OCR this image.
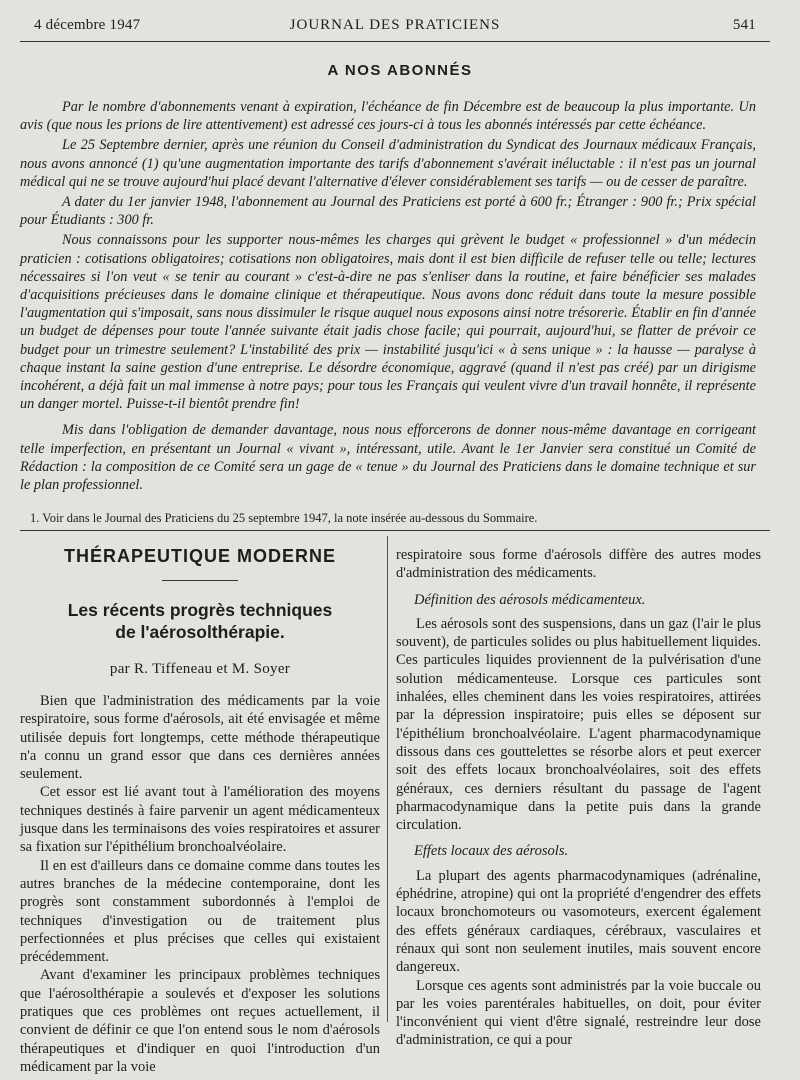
4 décembre 1947	JOURNAL DES PRATICIENS	541
A NOS ABONNÉS

Par le nombre d'abonnements venant à expiration, l'échéance de fin Décembre est de beaucoup la plus importante. Un avis (que nous les prions de lire attentivement) est adressé ces jours-ci à tous les abonnés intéressés par cette échéance.

Le 25 Septembre dernier, après une réunion du Conseil d'administration du Syndicat des Journaux médicaux Français, nous avons annoncé (1) qu'une augmentation importante des tarifs d'abonnement s'avérait inéluctable : il n'est pas un journal médical qui ne se trouve aujourd'hui placé devant l'alternative d'élever considérablement ses tarifs — ou de cesser de paraître.

A dater du 1er janvier 1948, l'abonnement au Journal des Praticiens est porté à 600 fr.; Étranger : 900 fr.; Prix spécial pour Étudiants : 300 fr.

Nous connaissons pour les supporter nous-mêmes les charges qui grèvent le budget « professionnel » d'un médecin praticien : cotisations obligatoires; cotisations non obligatoires, mais dont il est bien difficile de refuser telle ou telle; lectures nécessaires si l'on veut « se tenir au courant » c'est-à-dire ne pas s'enliser dans la routine, et faire bénéficier ses malades d'acquisitions précieuses dans le domaine clinique et thérapeutique. Nous avons donc réduit dans toute la mesure possible l'augmentation qui s'imposait, sans nous dissimuler le risque auquel nous exposons ainsi notre trésorerie. Établir en fin d'année un budget de dépenses pour toute l'année suivante était jadis chose facile; qui pourrait, aujourd'hui, se flatter de prévoir ce budget pour un trimestre seulement? L'instabilité des prix — instabilité jusqu'ici « à sens unique » : la hausse — paralyse à chaque instant la saine gestion d'une entreprise. Le désordre économique, aggravé (quand il n'est pas créé) par un dirigisme incohérent, a déjà fait un mal immense à notre pays; pour tous les Français qui veulent vivre d'un travail honnête, il représente un danger mortel. Puisse-t-il bientôt prendre fin!

Mis dans l'obligation de demander davantage, nous nous efforcerons de donner nous-même davantage en corrigeant telle imperfection, en présentant un Journal « vivant », intéressant, utile. Avant le 1er Janvier sera constitué un Comité de Rédaction : la composition de ce Comité sera un gage de « tenue » du Journal des Praticiens dans le domaine technique et sur le plan professionnel.

1. Voir dans le Journal des Praticiens du 25 septembre 1947, la note insérée au-dessous du Sommaire.
THÉRAPEUTIQUE MODERNE
Les récents progrès techniques
de l'aérosolthérapie.
par R. Tiffeneau et M. Soyer

Bien que l'administration des médicaments par la voie respiratoire, sous forme d'aérosols, ait été envisagée et même utilisée depuis fort longtemps, cette méthode thérapeutique n'a connu un grand essor que dans ces dernières années seulement.

Cet essor est lié avant tout à l'amélioration des moyens techniques destinés à faire parvenir un agent médicamenteux jusque dans les terminaisons des voies respiratoires et assurer sa fixation sur l'épithélium bronchoalvéolaire.

Il en est d'ailleurs dans ce domaine comme dans toutes les autres branches de la médecine contemporaine, dont les progrès sont constamment subordonnés à l'emploi de techniques d'investigation ou de traitement plus perfectionnées et plus précises que celles qui existaient précédemment.

Avant d'examiner les principaux problèmes techniques que l'aérosolthérapie a soulevés et d'exposer les solutions pratiques que ces problèmes ont reçues actuellement, il convient de définir ce que l'on entend sous le nom d'aérosols thérapeutiques et d'indiquer en quoi l'introduction d'un médicament par la voie

respiratoire sous forme d'aérosols diffère des autres modes d'administration des médicaments.

Définition des aérosols médicamenteux.

Les aérosols sont des suspensions, dans un gaz (l'air le plus souvent), de particules solides ou plus habituellement liquides. Ces particules liquides proviennent de la pulvérisation d'une solution médicamenteuse. Lorsque ces particules sont inhalées, elles cheminent dans les voies respiratoires, attirées par la dépression inspiratoire; puis elles se déposent sur l'épithélium bronchoalvéolaire. L'agent pharmacodynamique dissous dans ces gouttelettes se résorbe alors et peut exercer soit des effets locaux bronchoalvéolaires, soit des effets généraux, ces derniers résultant du passage de l'agent pharmacodynamique dans la petite puis dans la grande circulation.

Effets locaux des aérosols.

La plupart des agents pharmacodynamiques (adrénaline, éphédrine, atropine) qui ont la propriété d'engendrer des effets locaux bronchomoteurs ou vasomoteurs, exercent également des effets généraux cardiaques, cérébraux, vasculaires et rénaux qui sont non seulement inutiles, mais souvent encore dangereux.

Lorsque ces agents sont administrés par la voie buccale ou par les voies parentérales habituelles, on doit, pour éviter l'inconvénient qui vient d'être signalé, restreindre leur dose d'administration, ce qui a pour
